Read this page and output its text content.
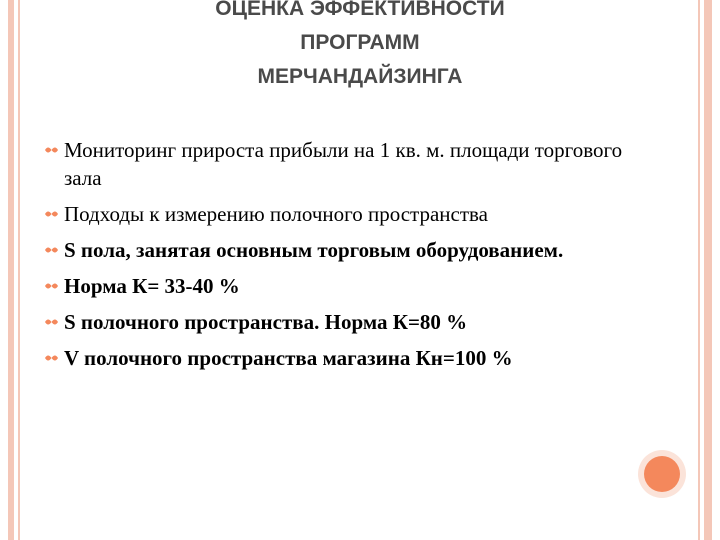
ОЦЕНКА ЭФФЕКТИВНОСТИ
ПРОГРАММ
МЕРЧАНДАЙЗИНГА
Мониторинг прироста прибыли на 1 кв. м. площади торгового зала
Подходы к измерению полочного пространства
S пола, занятая основным торговым оборудованием.
Норма К= 33-40 %
S полочного пространства. Норма К=80 %
V полочного пространства магазина Кн=100 %
